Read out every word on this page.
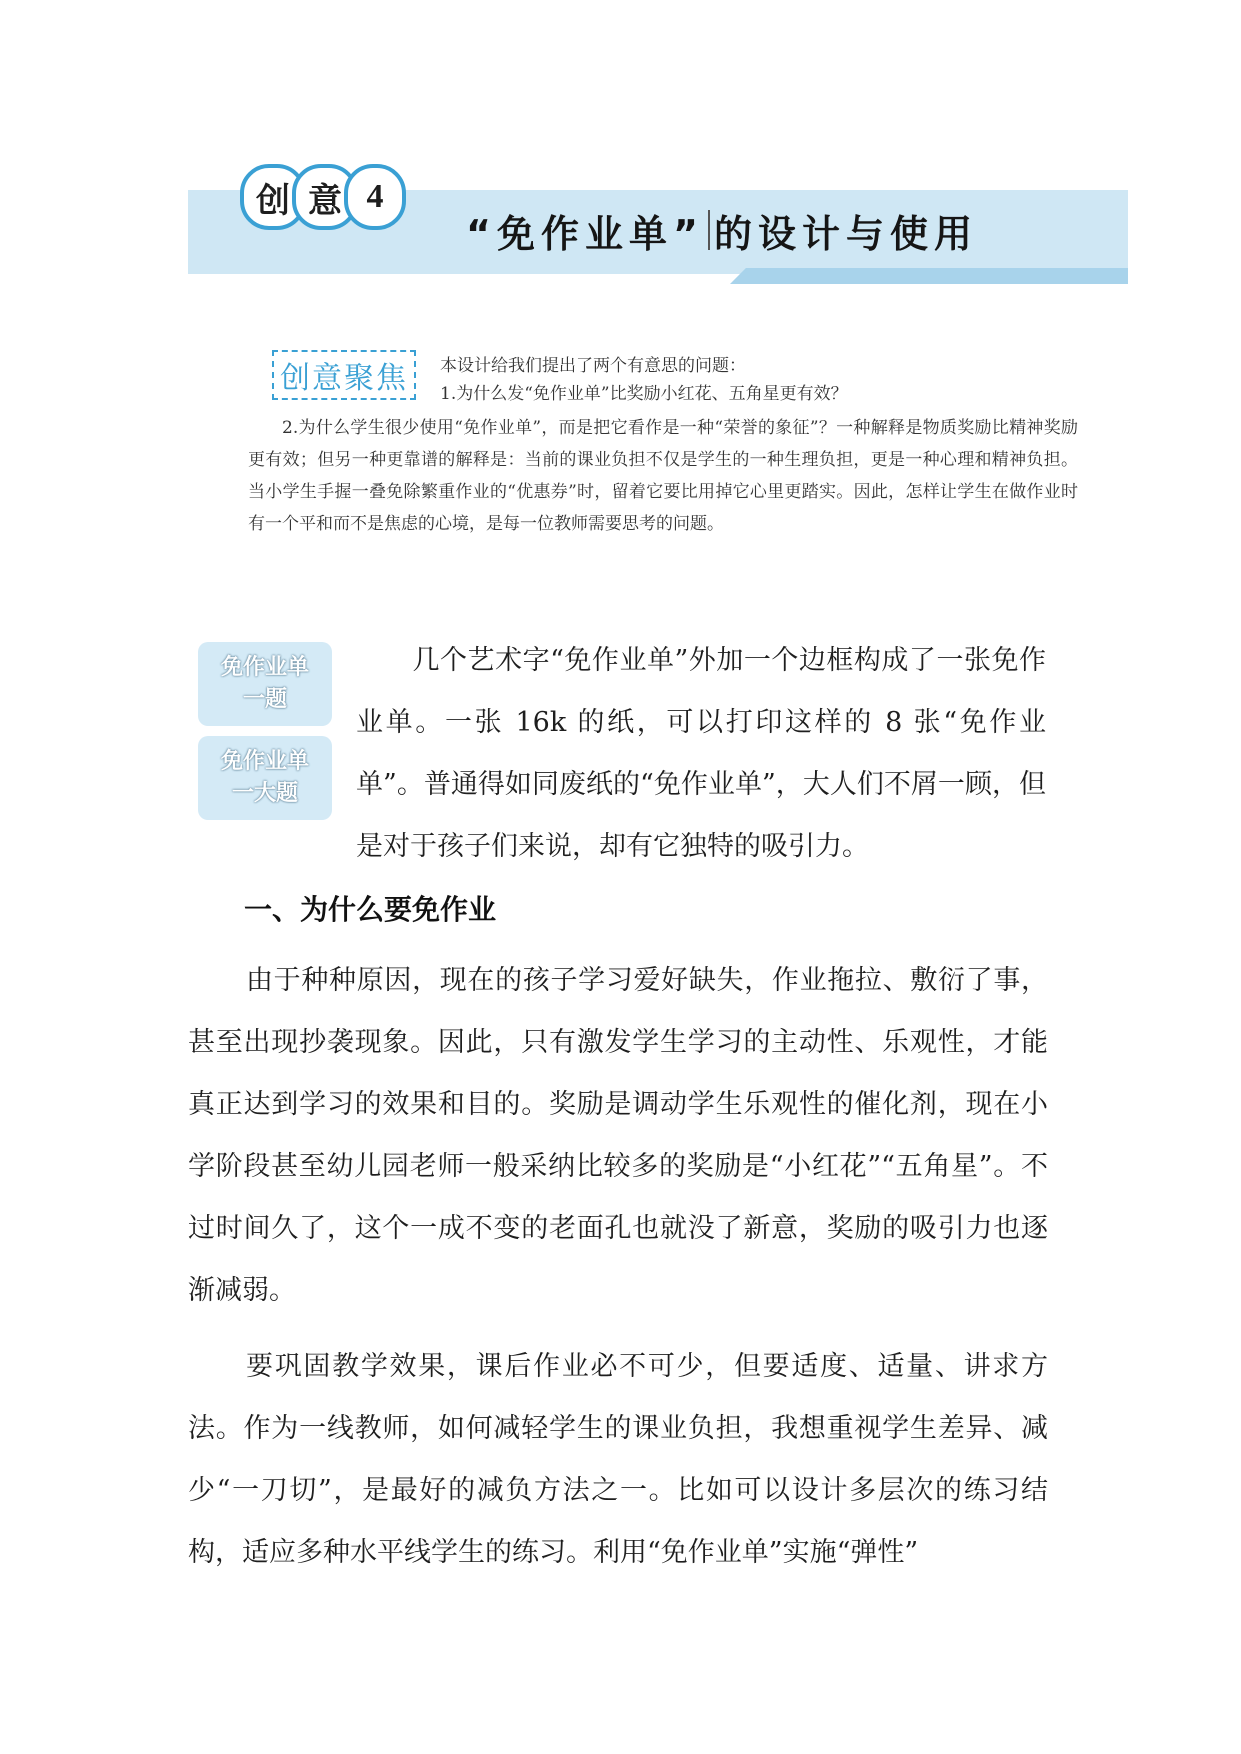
创 意 4
“免作业单” 的设计与使用
创意聚焦	本设计给我们提出了两个有意思的问题：
1.为什么发“免作业单”比奖励小红花、五角星更有效？
2.为什么学生很少使用“免作业单”，而是把它看作是一种“荣誉的象征”？一种解释是物质奖励比精神奖励更有效；但另一种更靠谱的解释是：当前的课业负担不仅是学生的一种生理负担，更是一种心理和精神负担。当小学生手握一叠免除繁重作业的“优惠券”时，留着它要比用掉它心里更踏实。因此，怎样让学生在做作业时有一个平和而不是焦虑的心境，是每一位教师需要思考的问题。
免作业单
一题
免作业单
一大题
几个艺术字“免作业单”外加一个边框构成了一张免作业单。一张 16k 的纸，可以打印这样的 8 张“免作业单”。普通得如同废纸的“免作业单”，大人们不屑一顾，但是对于孩子们来说，却有它独特的吸引力。
一、为什么要免作业
由于种种原因，现在的孩子学习爱好缺失，作业拖拉、敷衍了事，甚至出现抄袭现象。因此，只有激发学生学习的主动性、乐观性，才能真正达到学习的效果和目的。奖励是调动学生乐观性的催化剂，现在小学阶段甚至幼儿园老师一般采纳比较多的奖励是“小红花”“五角星”。不过时间久了，这个一成不变的老面孔也就没了新意，奖励的吸引力也逐渐减弱。
要巩固教学效果，课后作业必不可少，但要适度、适量、讲求方法。作为一线教师，如何减轻学生的课业负担，我想重视学生差异、减少“一刀切”，是最好的减负方法之一。比如可以设计多层次的练习结构，适应多种水平线学生的练习。利用“免作业单”实施“弹性”
